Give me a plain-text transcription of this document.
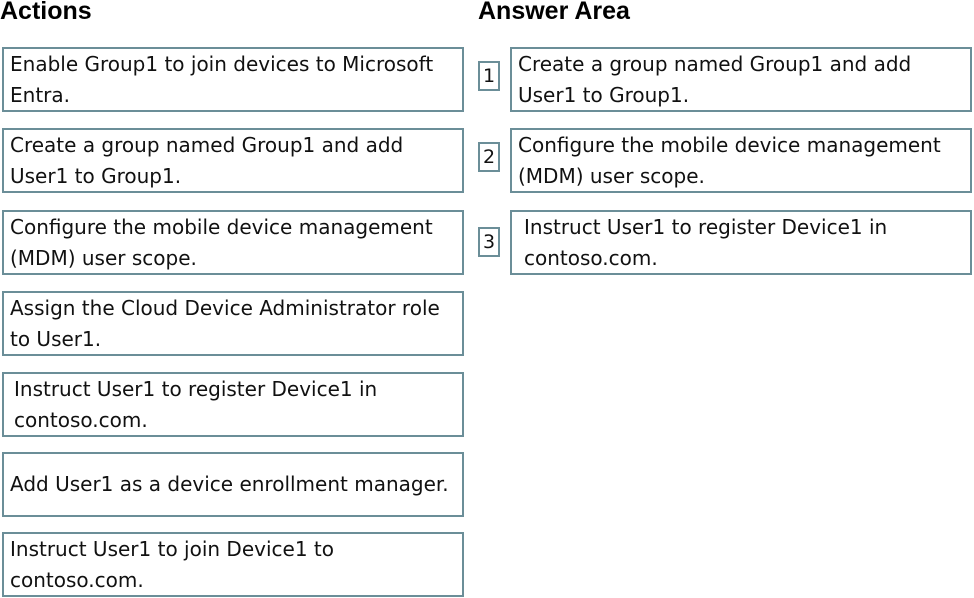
Actions	Answer Area
Enable Group1 to join devices to Microsoft Entra.
Create a group named Group1 and add User1 to Group1.
Configure the mobile device management (MDM) user scope.
Assign the Cloud Device Administrator role to User1.
Instruct User1 to register Device1 in contoso.com.
Add User1 as a device enrollment manager.
Instruct User1 to join Device1 to contoso.com.
1
Create a group named Group1 and add User1 to Group1.
2
Configure the mobile device management (MDM) user scope.
3
Instruct User1 to register Device1 in contoso.com.
